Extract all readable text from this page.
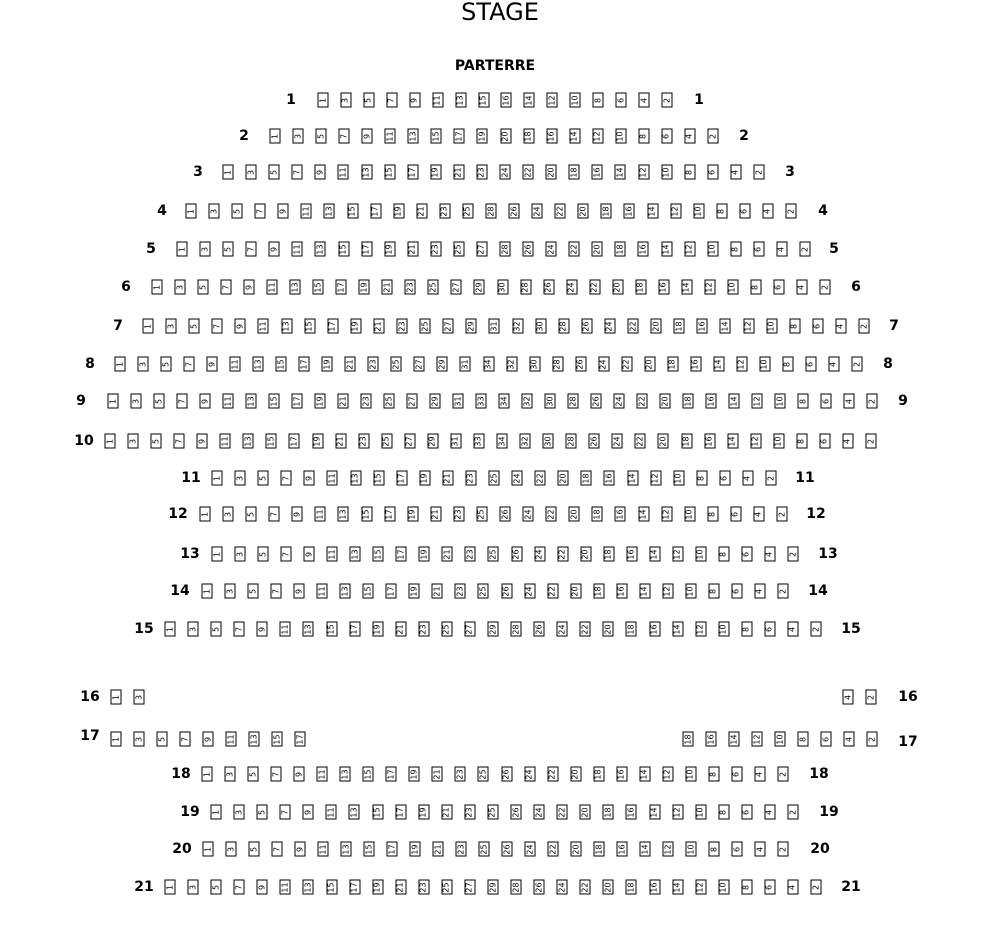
STAGE
PARTERRE
1 3 5 7 9 11 13 15 16 14 12 10 8 6 4 2
1	1
1 3 5 7 9 11 13 15 17 19 20 18 16 14 12 10 8 6 4 2
2	2
1 3 5 7 9 11 13 15 17 19 21 23 24 22 20 18 16 14 12 10 8 6 4 2
3	3
1 3 5 7 9 11 13 15 17 19 21 23 25 28 26 24 22 20 18 16 14 12 10 8 6 4 2
4	4
1 3 5 7 9 11 13 15 17 19 21 23 25 27 28 26 24 22 20 18 16 14 12 10 8 6 4 2
5	5
1 3 5 7 9 11 13 15 17 19 21 23 25 27 29 30 28 26 24 22 20 18 16 14 12 10 8 6 4 2
6	6
1 3 5 7 9 11 13 15 17 19 21 23 25 27 29 31 32 30 28 26 24 22 20 18 16 14 12 10 8 6 4 2
7	7
1 3 5 7 9 11 13 15 17 19 21 23 25 27 29 31 34 32 30 28 26 24 22 20 18 16 14 12 10 8 6 4 2
8	8
1 3 5 7 9 11 13 15 17 19 21 23 25 27 29 31 33 34 32 30 28 26 24 22 20 18 16 14 12 10 8 6 4 2
9	9
1 3 5 7 9 11 13 15 17 19 21 23 25 27 29 31 33 34 32 30 28 26 24 22 20 18 16 14 12 10 8 6 4 2
10
1 3 5 7 9 11 13 15 17 19 21 23 25 24 22 20 18 16 14 12 10 8 6 4 2
11	11
1 3 5 7 9 11 13 15 17 19 21 23 25 26 24 22 20 18 16 14 12 10 8 6 4 2
12	12
1 3 5 7 9 11 13 15 17 19 21 23 25 26 24 22 20 18 16 14 12 10 8 6 4 2
13	13
1 3 5 7 9 11 13 15 17 19 21 23 25 26 24 22 20 18 16 14 12 10 8 6 4 2
14	14
1 3 5 7 9 11 13 15 17 19 21 23 25 27 29 28 26 24 22 20 18 16 14 12 10 8 6 4 2
15	15
1 3	4 2
16	16
1 3 5 7 9 11 13 15 17	18 16 14 12 10 8 6 4 2
17	17
1 3 5 7 9 11 13 15 17 19 21 23 25 26 24 22 20 18 16 14 12 10 8 6 4 2
18	18
1 3 5 7 9 11 13 15 17 19 21 23 25 26 24 22 20 18 16 14 12 10 8 6 4 2
19	19
1 3 5 7 9 11 13 15 17 19 21 23 25 26 24 22 20 18 16 14 12 10 8 6 4 2
20	20
1 3 5 7 9 11 13 15 17 19 21 23 25 27 29 28 26 24 22 20 18 16 14 12 10 8 6 4 2
21	21
